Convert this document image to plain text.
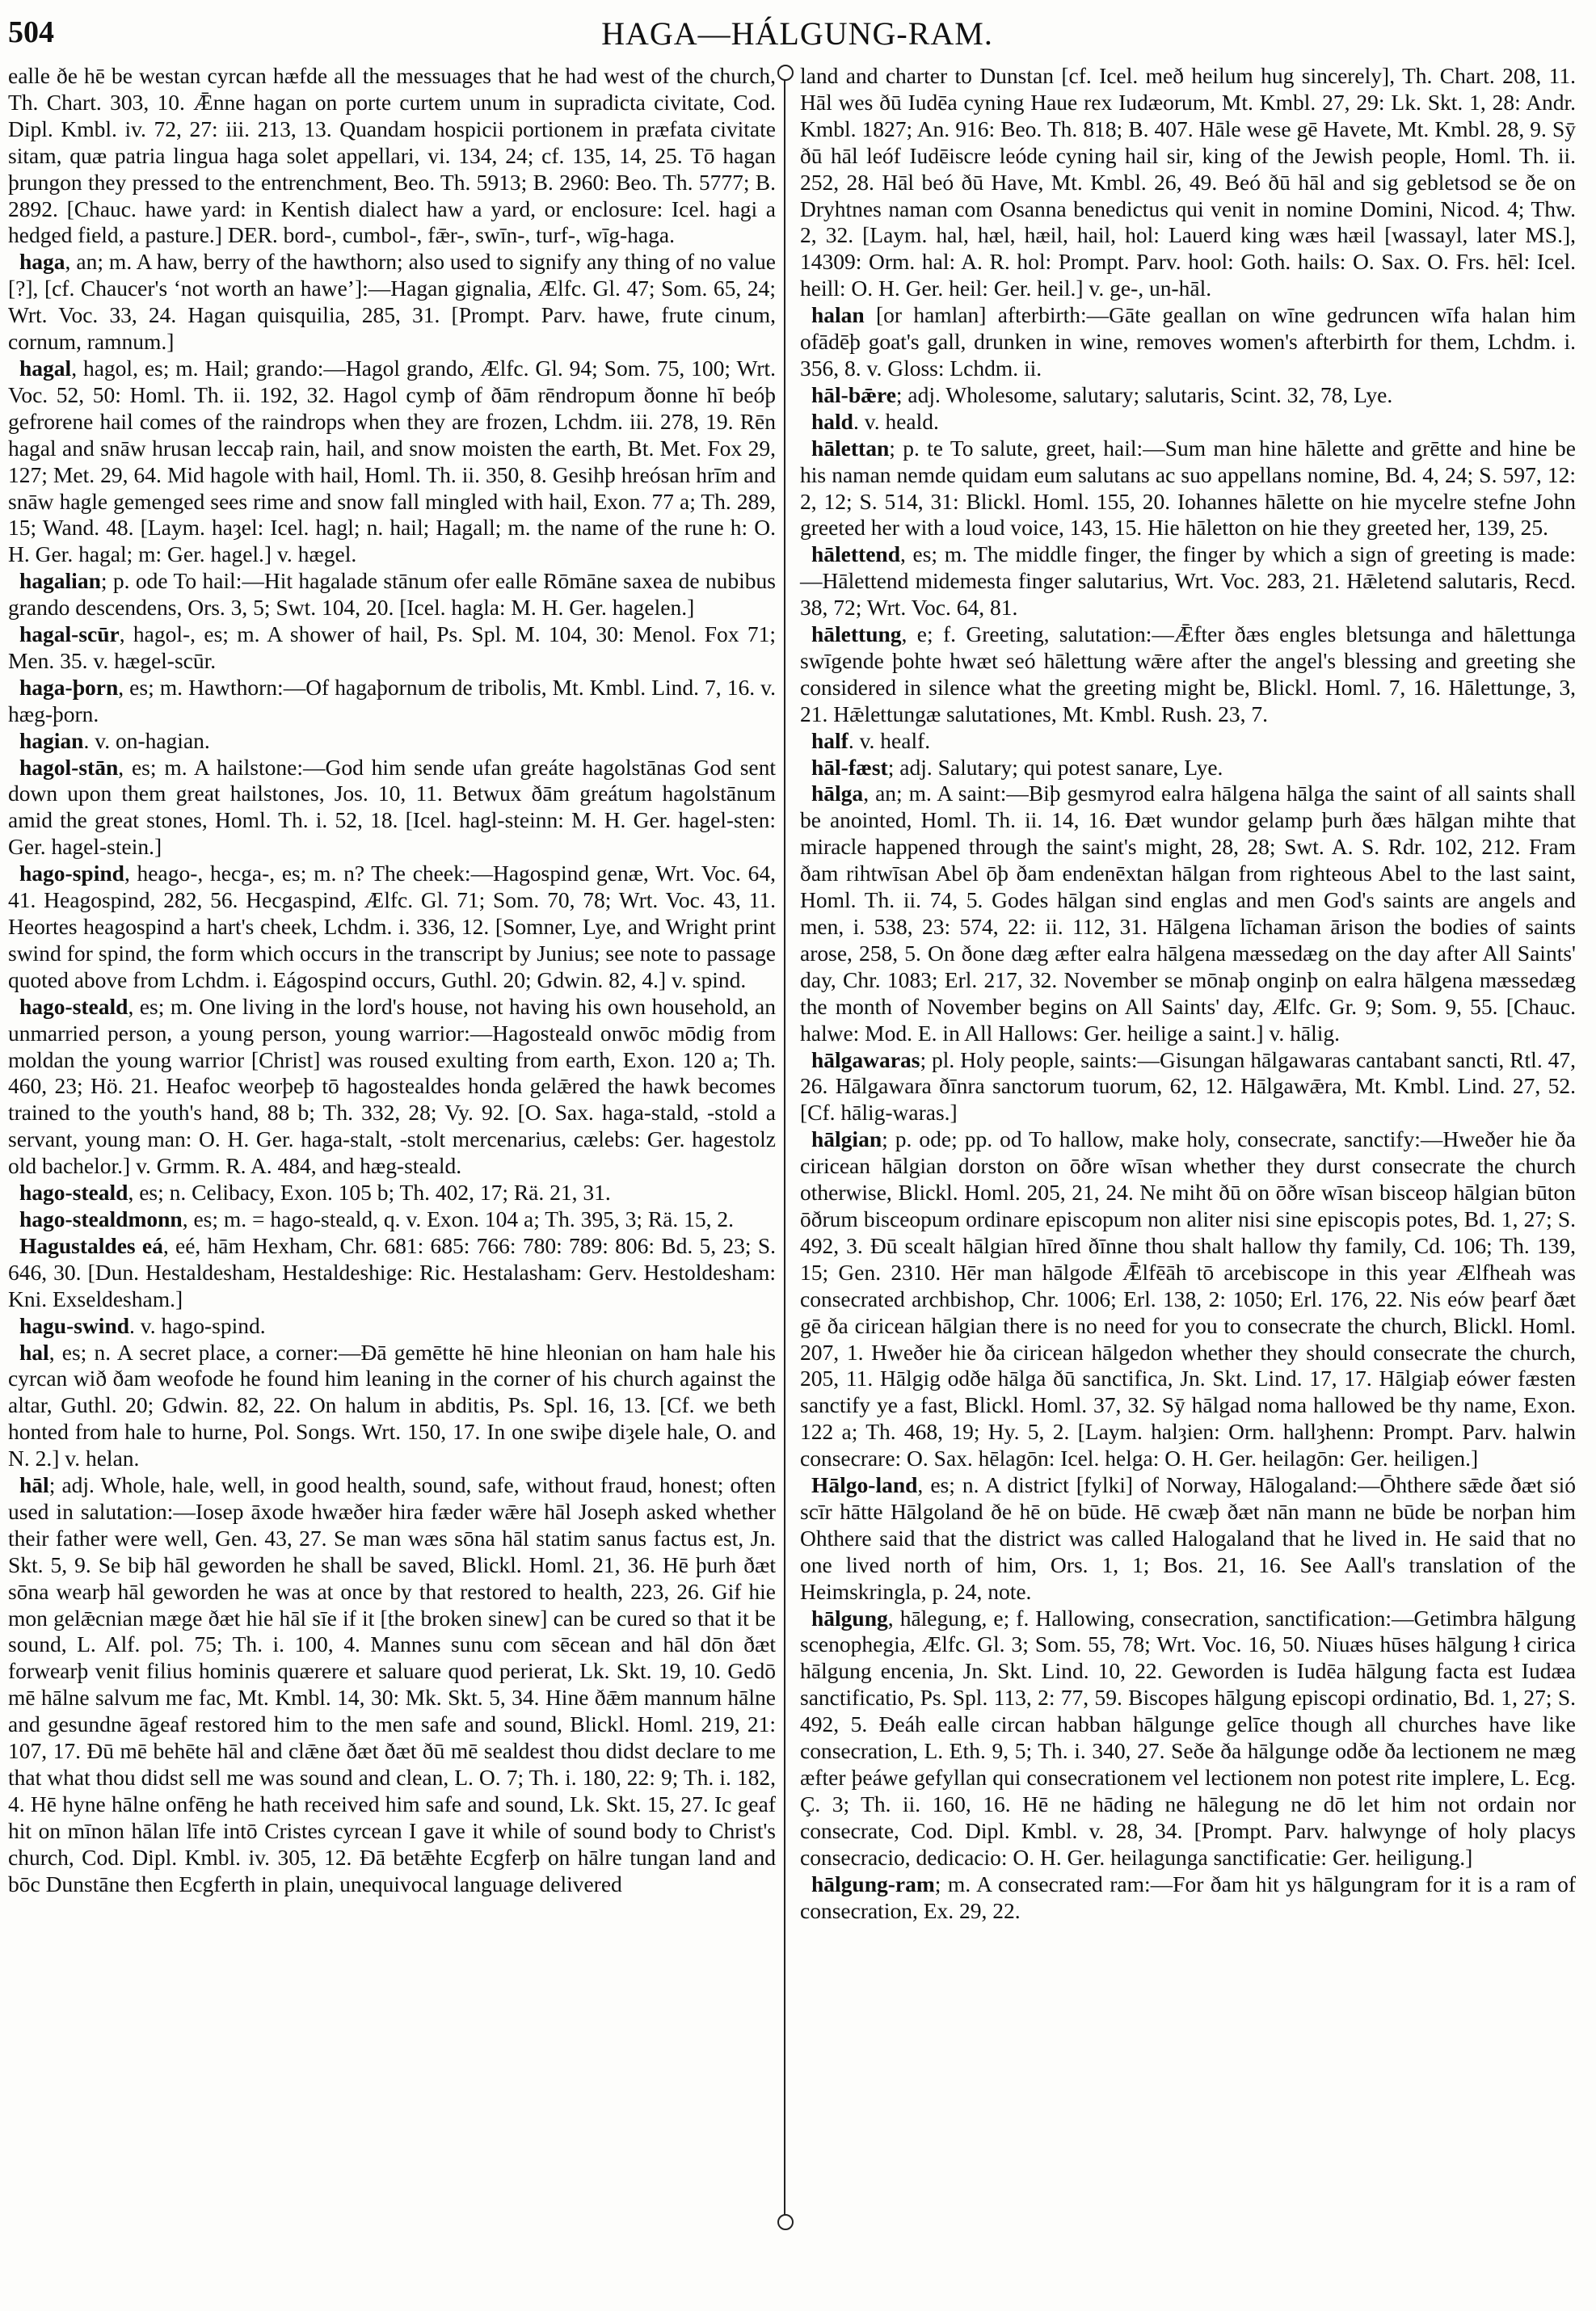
504	HAGA—HÁLGUNG-RAM.

ealle ðe hē be westan cyrcan hæfde all the messuages that he had west of the church, Th. Chart. 303, 10. Ǣnne hagan on porte curtem unum in supradicta civitate, Cod. Dipl. Kmbl. iv. 72, 27: iii. 213, 13. Quandam hospicii portionem in præfata civitate sitam, quæ patria lingua haga solet appellari, vi. 134, 24; cf. 135, 14, 25. Tō hagan þrungon they pressed to the entrenchment, Beo. Th. 5913; B. 2960: Beo. Th. 5777; B. 2892. [Chauc. hawe yard: in Kentish dialect haw a yard, or enclosure: Icel. hagi a hedged field, a pasture.] DER. bord-, cumbol-, fǣr-, swīn-, turf-, wīg-haga.

haga, an; m. A haw, berry of the hawthorn; also used to signify any thing of no value [?], [cf. Chaucer's ‘not worth an hawe’]:—Hagan gignalia, Ælfc. Gl. 47; Som. 65, 24; Wrt. Voc. 33, 24. Hagan quisquilia, 285, 31. [Prompt. Parv. hawe, frute cinum, cornum, ramnum.]

hagal, hagol, es; m. Hail; grando:—Hagol grando, Ælfc. Gl. 94; Som. 75, 100; Wrt. Voc. 52, 50: Homl. Th. ii. 192, 32. Hagol cymþ of ðām rēndropum ðonne hī beóþ gefrorene hail comes of the raindrops when they are frozen, Lchdm. iii. 278, 19. Rēn hagal and snāw hrusan leccaþ rain, hail, and snow moisten the earth, Bt. Met. Fox 29, 127; Met. 29, 64. Mid hagole with hail, Homl. Th. ii. 350, 8. Gesihþ hreósan hrīm and snāw hagle gemenged sees rime and snow fall mingled with hail, Exon. 77 a; Th. 289, 15; Wand. 48. [Laym. haȝel: Icel. hagl; n. hail; Hagall; m. the name of the rune h: O. H. Ger. hagal; m: Ger. hagel.] v. hægel.

hagalian; p. ode To hail:—Hit hagalade stānum ofer ealle Rōmāne saxea de nubibus grando descendens, Ors. 3, 5; Swt. 104, 20. [Icel. hagla: M. H. Ger. hagelen.]

hagal-scūr, hagol-, es; m. A shower of hail, Ps. Spl. M. 104, 30: Menol. Fox 71; Men. 35. v. hægel-scūr.

haga-þorn, es; m. Hawthorn:—Of hagaþornum de tribolis, Mt. Kmbl. Lind. 7, 16. v. hæg-þorn.

hagian. v. on-hagian.

hagol-stān, es; m. A hailstone:—God him sende ufan greáte hagolstānas God sent down upon them great hailstones, Jos. 10, 11. Betwux ðām greátum hagolstānum amid the great stones, Homl. Th. i. 52, 18. [Icel. hagl-steinn: M. H. Ger. hagel-sten: Ger. hagel-stein.]

hago-spind, heago-, hecga-, es; m. n? The cheek:—Hagospind genæ, Wrt. Voc. 64, 41. Heagospind, 282, 56. Hecgaspind, Ælfc. Gl. 71; Som. 70, 78; Wrt. Voc. 43, 11. Heortes heagospind a hart's cheek, Lchdm. i. 336, 12. [Somner, Lye, and Wright print swind for spind, the form which occurs in the transcript by Junius; see note to passage quoted above from Lchdm. i. Eágospind occurs, Guthl. 20; Gdwin. 82, 4.] v. spind.

hago-steald, es; m. One living in the lord's house, not having his own household, an unmarried person, a young person, young warrior:—Hagosteald onwōc mōdig from moldan the young warrior [Christ] was roused exulting from earth, Exon. 120 a; Th. 460, 23; Hö. 21. Heafoc weorþeþ tō hagostealdes honda gelǣred the hawk becomes trained to the youth's hand, 88 b; Th. 332, 28; Vy. 92. [O. Sax. haga-stald, -stold a servant, young man: O. H. Ger. haga-stalt, -stolt mercenarius, cælebs: Ger. hagestolz old bachelor.] v. Grmm. R. A. 484, and hæg-steald.

hago-steald, es; n. Celibacy, Exon. 105 b; Th. 402, 17; Rä. 21, 31.

hago-stealdmonn, es; m. = hago-steald, q. v. Exon. 104 a; Th. 395, 3; Rä. 15, 2.

Hagustaldes eá, eé, hām Hexham, Chr. 681: 685: 766: 780: 789: 806: Bd. 5, 23; S. 646, 30. [Dun. Hestaldesham, Hestaldeshige: Ric. Hestalasham: Gerv. Hestoldesham: Kni. Exseldesham.]

hagu-swind. v. hago-spind.

hal, es; n. A secret place, a corner:—Ðā gemētte hē hine hleonian on ham hale his cyrcan wið ðam weofode he found him leaning in the corner of his church against the altar, Guthl. 20; Gdwin. 82, 22. On halum in abditis, Ps. Spl. 16, 13. [Cf. we beth honted from hale to hurne, Pol. Songs. Wrt. 150, 17. In one swiþe diȝele hale, O. and N. 2.] v. helan.

hāl; adj. Whole, hale, well, in good health, sound, safe, without fraud, honest; often used in salutation:—Iosep āxode hwæðer hira fæder wǣre hāl Joseph asked whether their father were well, Gen. 43, 27. Se man wæs sōna hāl statim sanus factus est, Jn. Skt. 5, 9. Se biþ hāl geworden he shall be saved, Blickl. Homl. 21, 36. Hē þurh ðæt sōna wearþ hāl geworden he was at once by that restored to health, 223, 26. Gif hie mon gelǣcnian mæge ðæt hie hāl sīe if it [the broken sinew] can be cured so that it be sound, L. Alf. pol. 75; Th. i. 100, 4. Mannes sunu com sēcean and hāl dōn ðæt forwearþ venit filius hominis quærere et saluare quod perierat, Lk. Skt. 19, 10. Gedō mē hālne salvum me fac, Mt. Kmbl. 14, 30: Mk. Skt. 5, 34. Hine ðǣm mannum hālne and gesundne āgeaf restored him to the men safe and sound, Blickl. Homl. 219, 21: 107, 17. Ðū mē behēte hāl and clǣne ðæt ðæt ðū mē sealdest thou didst declare to me that what thou didst sell me was sound and clean, L. O. 7; Th. i. 180, 22: 9; Th. i. 182, 4. Hē hyne hālne onfēng he hath received him safe and sound, Lk. Skt. 15, 27. Ic geaf hit on mīnon hālan līfe intō Cristes cyrcean I gave it while of sound body to Christ's church, Cod. Dipl. Kmbl. iv. 305, 12. Ðā betǣhte Ecgferþ on hālre tungan land and bōc Dunstāne then Ecgferth in plain, unequivocal language delivered

land and charter to Dunstan [cf. Icel. með heilum hug sincerely], Th. Chart. 208, 11. Hāl wes ðū Iudēa cyning Haue rex Iudæorum, Mt. Kmbl. 27, 29: Lk. Skt. 1, 28: Andr. Kmbl. 1827; An. 916: Beo. Th. 818; B. 407. Hāle wese gē Havete, Mt. Kmbl. 28, 9. Sȳ ðū hāl leóf Iudēiscre leóde cyning hail sir, king of the Jewish people, Homl. Th. ii. 252, 28. Hāl beó ðū Have, Mt. Kmbl. 26, 49. Beó ðū hāl and sig gebletsod se ðe on Dryhtnes naman com Osanna benedictus qui venit in nomine Domini, Nicod. 4; Thw. 2, 32. [Laym. hal, hæl, hæil, hail, hol: Lauerd king wæs hæil [wassayl, later MS.], 14309: Orm. hal: A. R. hol: Prompt. Parv. hool: Goth. hails: O. Sax. O. Frs. hēl: Icel. heill: O. H. Ger. heil: Ger. heil.] v. ge-, un-hāl.

halan [or hamlan] afterbirth:—Gāte geallan on wīne gedruncen wīfa halan him ofādēþ goat's gall, drunken in wine, removes women's afterbirth for them, Lchdm. i. 356, 8. v. Gloss: Lchdm. ii.

hāl-bǣre; adj. Wholesome, salutary; salutaris, Scint. 32, 78, Lye.

hald. v. heald.

hālettan; p. te To salute, greet, hail:—Sum man hine hālette and grētte and hine be his naman nemde quidam eum salutans ac suo appellans nomine, Bd. 4, 24; S. 597, 12: 2, 12; S. 514, 31: Blickl. Homl. 155, 20. Iohannes hālette on hie mycelre stefne John greeted her with a loud voice, 143, 15. Hie hāletton on hie they greeted her, 139, 25.

hālettend, es; m. The middle finger, the finger by which a sign of greeting is made:—Hālettend midemesta finger salutarius, Wrt. Voc. 283, 21. Hǣletend salutaris, Recd. 38, 72; Wrt. Voc. 64, 81.

hālettung, e; f. Greeting, salutation:—Ǣfter ðæs engles bletsunga and hālettunga swīgende þohte hwæt seó hālettung wǣre after the angel's blessing and greeting she considered in silence what the greeting might be, Blickl. Homl. 7, 16. Hālettunge, 3, 21. Hǣlettungæ salutationes, Mt. Kmbl. Rush. 23, 7.

half. v. healf.

hāl-fæst; adj. Salutary; qui potest sanare, Lye.

hālga, an; m. A saint:—Biþ gesmyrod ealra hālgena hālga the saint of all saints shall be anointed, Homl. Th. ii. 14, 16. Ðæt wundor gelamp þurh ðæs hālgan mihte that miracle happened through the saint's might, 28, 28; Swt. A. S. Rdr. 102, 212. Fram ðam rihtwīsan Abel ōþ ðam endenēxtan hālgan from righteous Abel to the last saint, Homl. Th. ii. 74, 5. Godes hālgan sind englas and men God's saints are angels and men, i. 538, 23: 574, 22: ii. 112, 31. Hālgena līchaman ārison the bodies of saints arose, 258, 5. On ðone dæg æfter ealra hālgena mæssedæg on the day after All Saints' day, Chr. 1083; Erl. 217, 32. November se mōnaþ onginþ on ealra hālgena mæssedæg the month of November begins on All Saints' day, Ælfc. Gr. 9; Som. 9, 55. [Chauc. halwe: Mod. E. in All Hallows: Ger. heilige a saint.] v. hālig.

hālgawaras; pl. Holy people, saints:—Gisungan hālgawaras cantabant sancti, Rtl. 47, 26. Hālgawara ðīnra sanctorum tuorum, 62, 12. Hālgawǣra, Mt. Kmbl. Lind. 27, 52. [Cf. hālig-waras.]

hālgian; p. ode; pp. od To hallow, make holy, consecrate, sanctify:—Hweðer hie ða ciricean hālgian dorston on ōðre wīsan whether they durst consecrate the church otherwise, Blickl. Homl. 205, 21, 24. Ne miht ðū on ōðre wīsan bisceop hālgian būton ōðrum bisceopum ordinare episcopum non aliter nisi sine episcopis potes, Bd. 1, 27; S. 492, 3. Ðū scealt hālgian hīred ðīnne thou shalt hallow thy family, Cd. 106; Th. 139, 15; Gen. 2310. Hēr man hālgode Ǣlfēāh tō arcebiscope in this year Ælfheah was consecrated archbishop, Chr. 1006; Erl. 138, 2: 1050; Erl. 176, 22. Nis eów þearf ðæt gē ða ciricean hālgian there is no need for you to consecrate the church, Blickl. Homl. 207, 1. Hweðer hie ða ciricean hālgedon whether they should consecrate the church, 205, 11. Hālgig odðe hālga ðū sanctifica, Jn. Skt. Lind. 17, 17. Hālgiaþ eówer fæsten sanctify ye a fast, Blickl. Homl. 37, 32. Sȳ hālgad noma hallowed be thy name, Exon. 122 a; Th. 468, 19; Hy. 5, 2. [Laym. halȝien: Orm. hallȝhenn: Prompt. Parv. halwin consecrare: O. Sax. hēlagōn: Icel. helga: O. H. Ger. heilagōn: Ger. heiligen.]

Hālgo-land, es; n. A district [fylki] of Norway, Hālogaland:—Ōhthere sǣde ðæt sió scīr hātte Hālgoland ðe hē on būde. Hē cwæþ ðæt nān mann ne būde be norþan him Ohthere said that the district was called Halogaland that he lived in. He said that no one lived north of him, Ors. 1, 1; Bos. 21, 16. See Aall's translation of the Heimskringla, p. 24, note.

hālgung, hālegung, e; f. Hallowing, consecration, sanctification:—Getimbra hālgung scenophegia, Ælfc. Gl. 3; Som. 55, 78; Wrt. Voc. 16, 50. Niuæs hūses hālgung ł cirica hālgung encenia, Jn. Skt. Lind. 10, 22. Geworden is Iudēa hālgung facta est Iudæa sanctificatio, Ps. Spl. 113, 2: 77, 59. Biscopes hālgung episcopi ordinatio, Bd. 1, 27; S. 492, 5. Ðeáh ealle circan habban hālgunge gelīce though all churches have like consecration, L. Eth. 9, 5; Th. i. 340, 27. Seðe ða hālgunge odðe ða lectionem ne mæg æfter þeáwe gefyllan qui consecrationem vel lectionem non potest rite implere, L. Ecg. Ç. 3; Th. ii. 160, 16. Hē ne hāding ne hālegung ne dō let him not ordain nor consecrate, Cod. Dipl. Kmbl. v. 28, 34. [Prompt. Parv. halwynge of holy placys consecracio, dedicacio: O. H. Ger. heilagunga sanctificatie: Ger. heiligung.]

hālgung-ram; m. A consecrated ram:—For ðam hit ys hālgungram for it is a ram of consecration, Ex. 29, 22.
